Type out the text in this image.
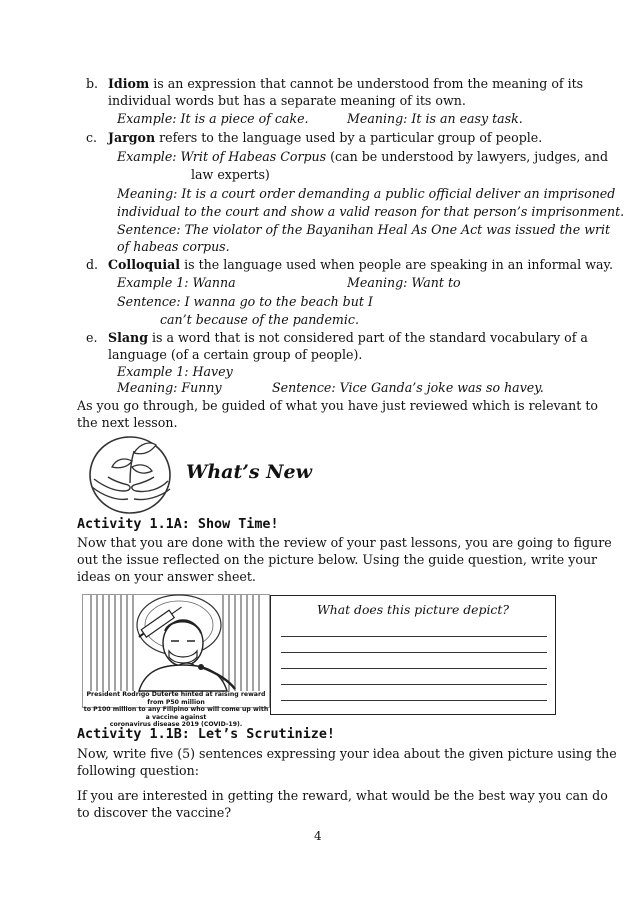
b. Idiom is an expression that cannot be understood from the meaning of its
individual words but has a separate meaning of its own.
Example: It is a piece of cake.	Meaning: It is an easy task.
c. Jargon refers to the language used by a particular group of people.
Example: Writ of Habeas Corpus (can be understood by lawyers, judges, and
law experts)
Meaning: It is a court order demanding a public official deliver an imprisoned
individual to the court and show a valid reason for that person’s imprisonment.
Sentence: The violator of the Bayanihan Heal As One Act was issued the writ
of habeas corpus.
d. Colloquial is the language used when people are speaking in an informal way.
Example 1: Wanna	Meaning: Want to
Sentence: I wanna go to the beach but I
can’t because of the pandemic.
e. Slang is a word that is not considered part of the standard vocabulary of a
language (of a certain group of people).
Example 1: Havey
Meaning: Funny	Sentence: Vice Ganda’s joke was so havey.
As you go through, be guided of what you have just reviewed which is relevant to
the next lesson.
What’s New
Activity 1.1A: Show Time!
Now that you are done with the review of your past lessons, you are going to figure
out the issue reflected on the picture below. Using the guide question, write your
ideas on your answer sheet.
President Rodrigo Duterte hinted at raising reward from P50 million
to P100 million to any Filipino who will come up with a vaccine against
coronavirus disease 2019 (COVID-19).
What does this picture depict?
Activity 1.1B: Let’s Scrutinize!
Now, write five (5) sentences expressing your idea about the given picture using the
following question:
If you are interested in getting the reward, what would be the best way you can do
to discover the vaccine?
4
